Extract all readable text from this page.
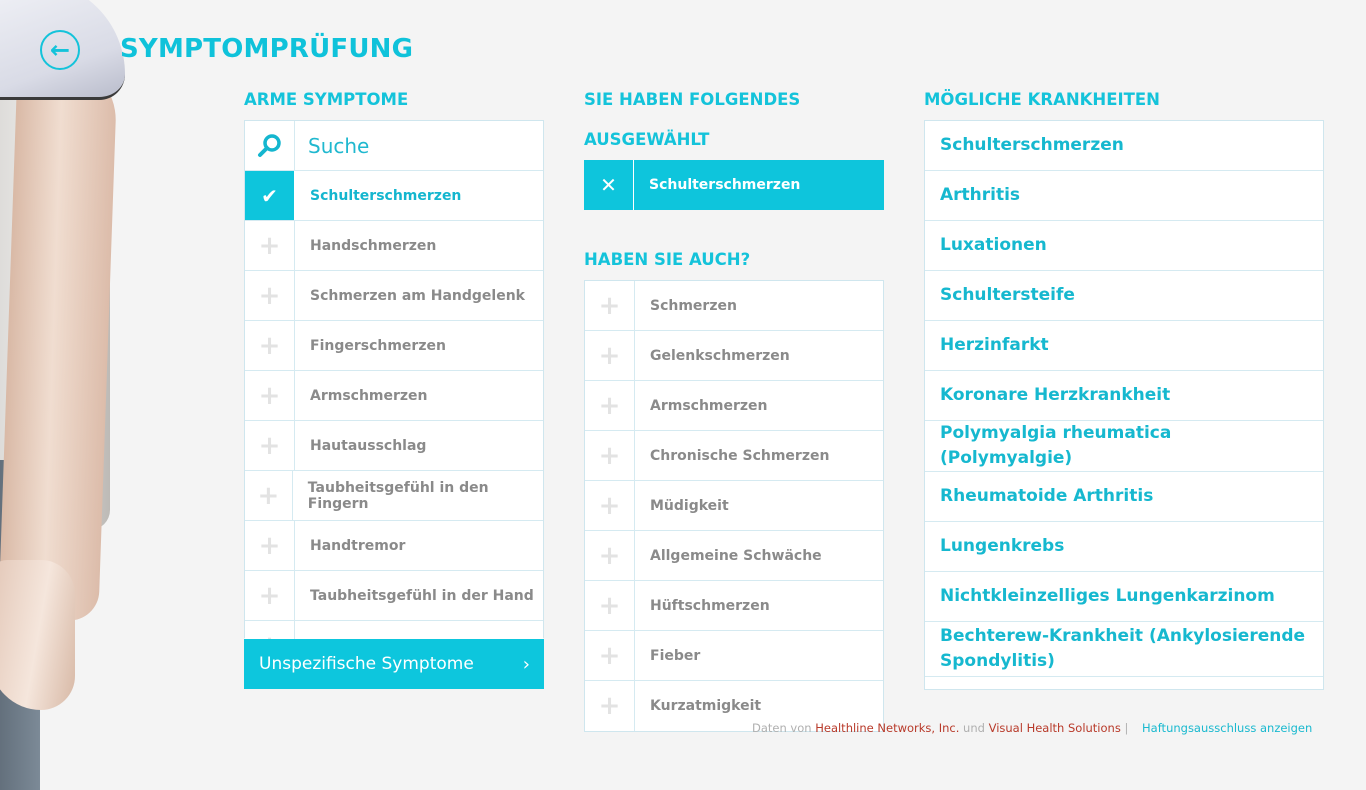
← SYMPTOMPRÜFUNG
ARME SYMPTOME
Suche
✔	Schulterschmerzen
+	Handschmerzen
+	Schmerzen am Handgelenk
+	Fingerschmerzen
+	Armschmerzen
+	Hautausschlag
+	Taubheitsgefühl in den Fingern
+	Handtremor
+	Taubheitsgefühl in der Hand
Unspezifische Symptome	›
SIE HABEN FOLGENDES
AUSGEWÄHLT
✕	Schulterschmerzen
HABEN SIE AUCH?
+	Schmerzen
+	Gelenkschmerzen
+	Armschmerzen
+	Chronische Schmerzen
+	Müdigkeit
+	Allgemeine Schwäche
+	Hüftschmerzen
+	Fieber
+	Kurzatmigkeit
MÖGLICHE KRANKHEITEN
Schulterschmerzen
Arthritis
Luxationen
Schultersteife
Herzinfarkt
Koronare Herzkrankheit
Polymyalgia rheumatica (Polymyalgie)
Rheumatoide Arthritis
Lungenkrebs
Nichtkleinzelliges Lungenkarzinom
Bechterew-Krankheit (Ankylosierende Spondylitis)
Daten von Healthline Networks, Inc. und Visual Health Solutions | Haftungsausschluss anzeigen
